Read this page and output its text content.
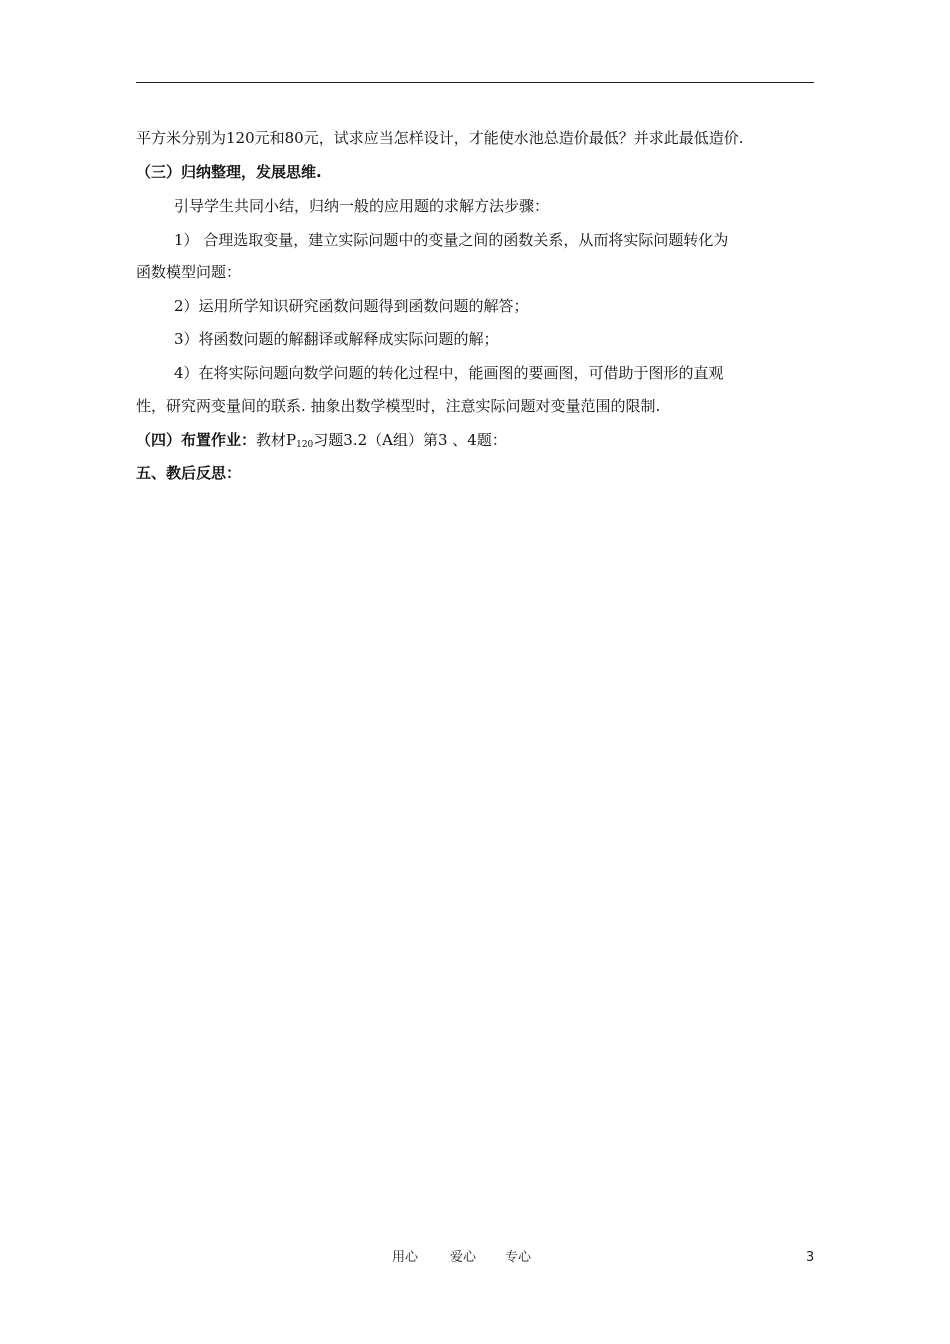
平方米分别为120元和80元，试求应当怎样设计，才能使水池总造价最低？并求此最低造价.
（三）归纳整理，发展思维.
引导学生共同小结，归纳一般的应用题的求解方法步骤：
1） 合理选取变量，建立实际问题中的变量之间的函数关系，从而将实际问题转化为
函数模型问题：
2）运用所学知识研究函数问题得到函数问题的解答；
3）将函数问题的解翻译或解释成实际问题的解；
4）在将实际问题向数学问题的转化过程中，能画图的要画图，可借助于图形的直观
性，研究两变量间的联系. 抽象出数学模型时，注意实际问题对变量范围的限制.
（四）布置作业：教材$P_{120}$习题3.2（A组）第3 、4题：
五、教后反思：
用心 爱心 专心	3
